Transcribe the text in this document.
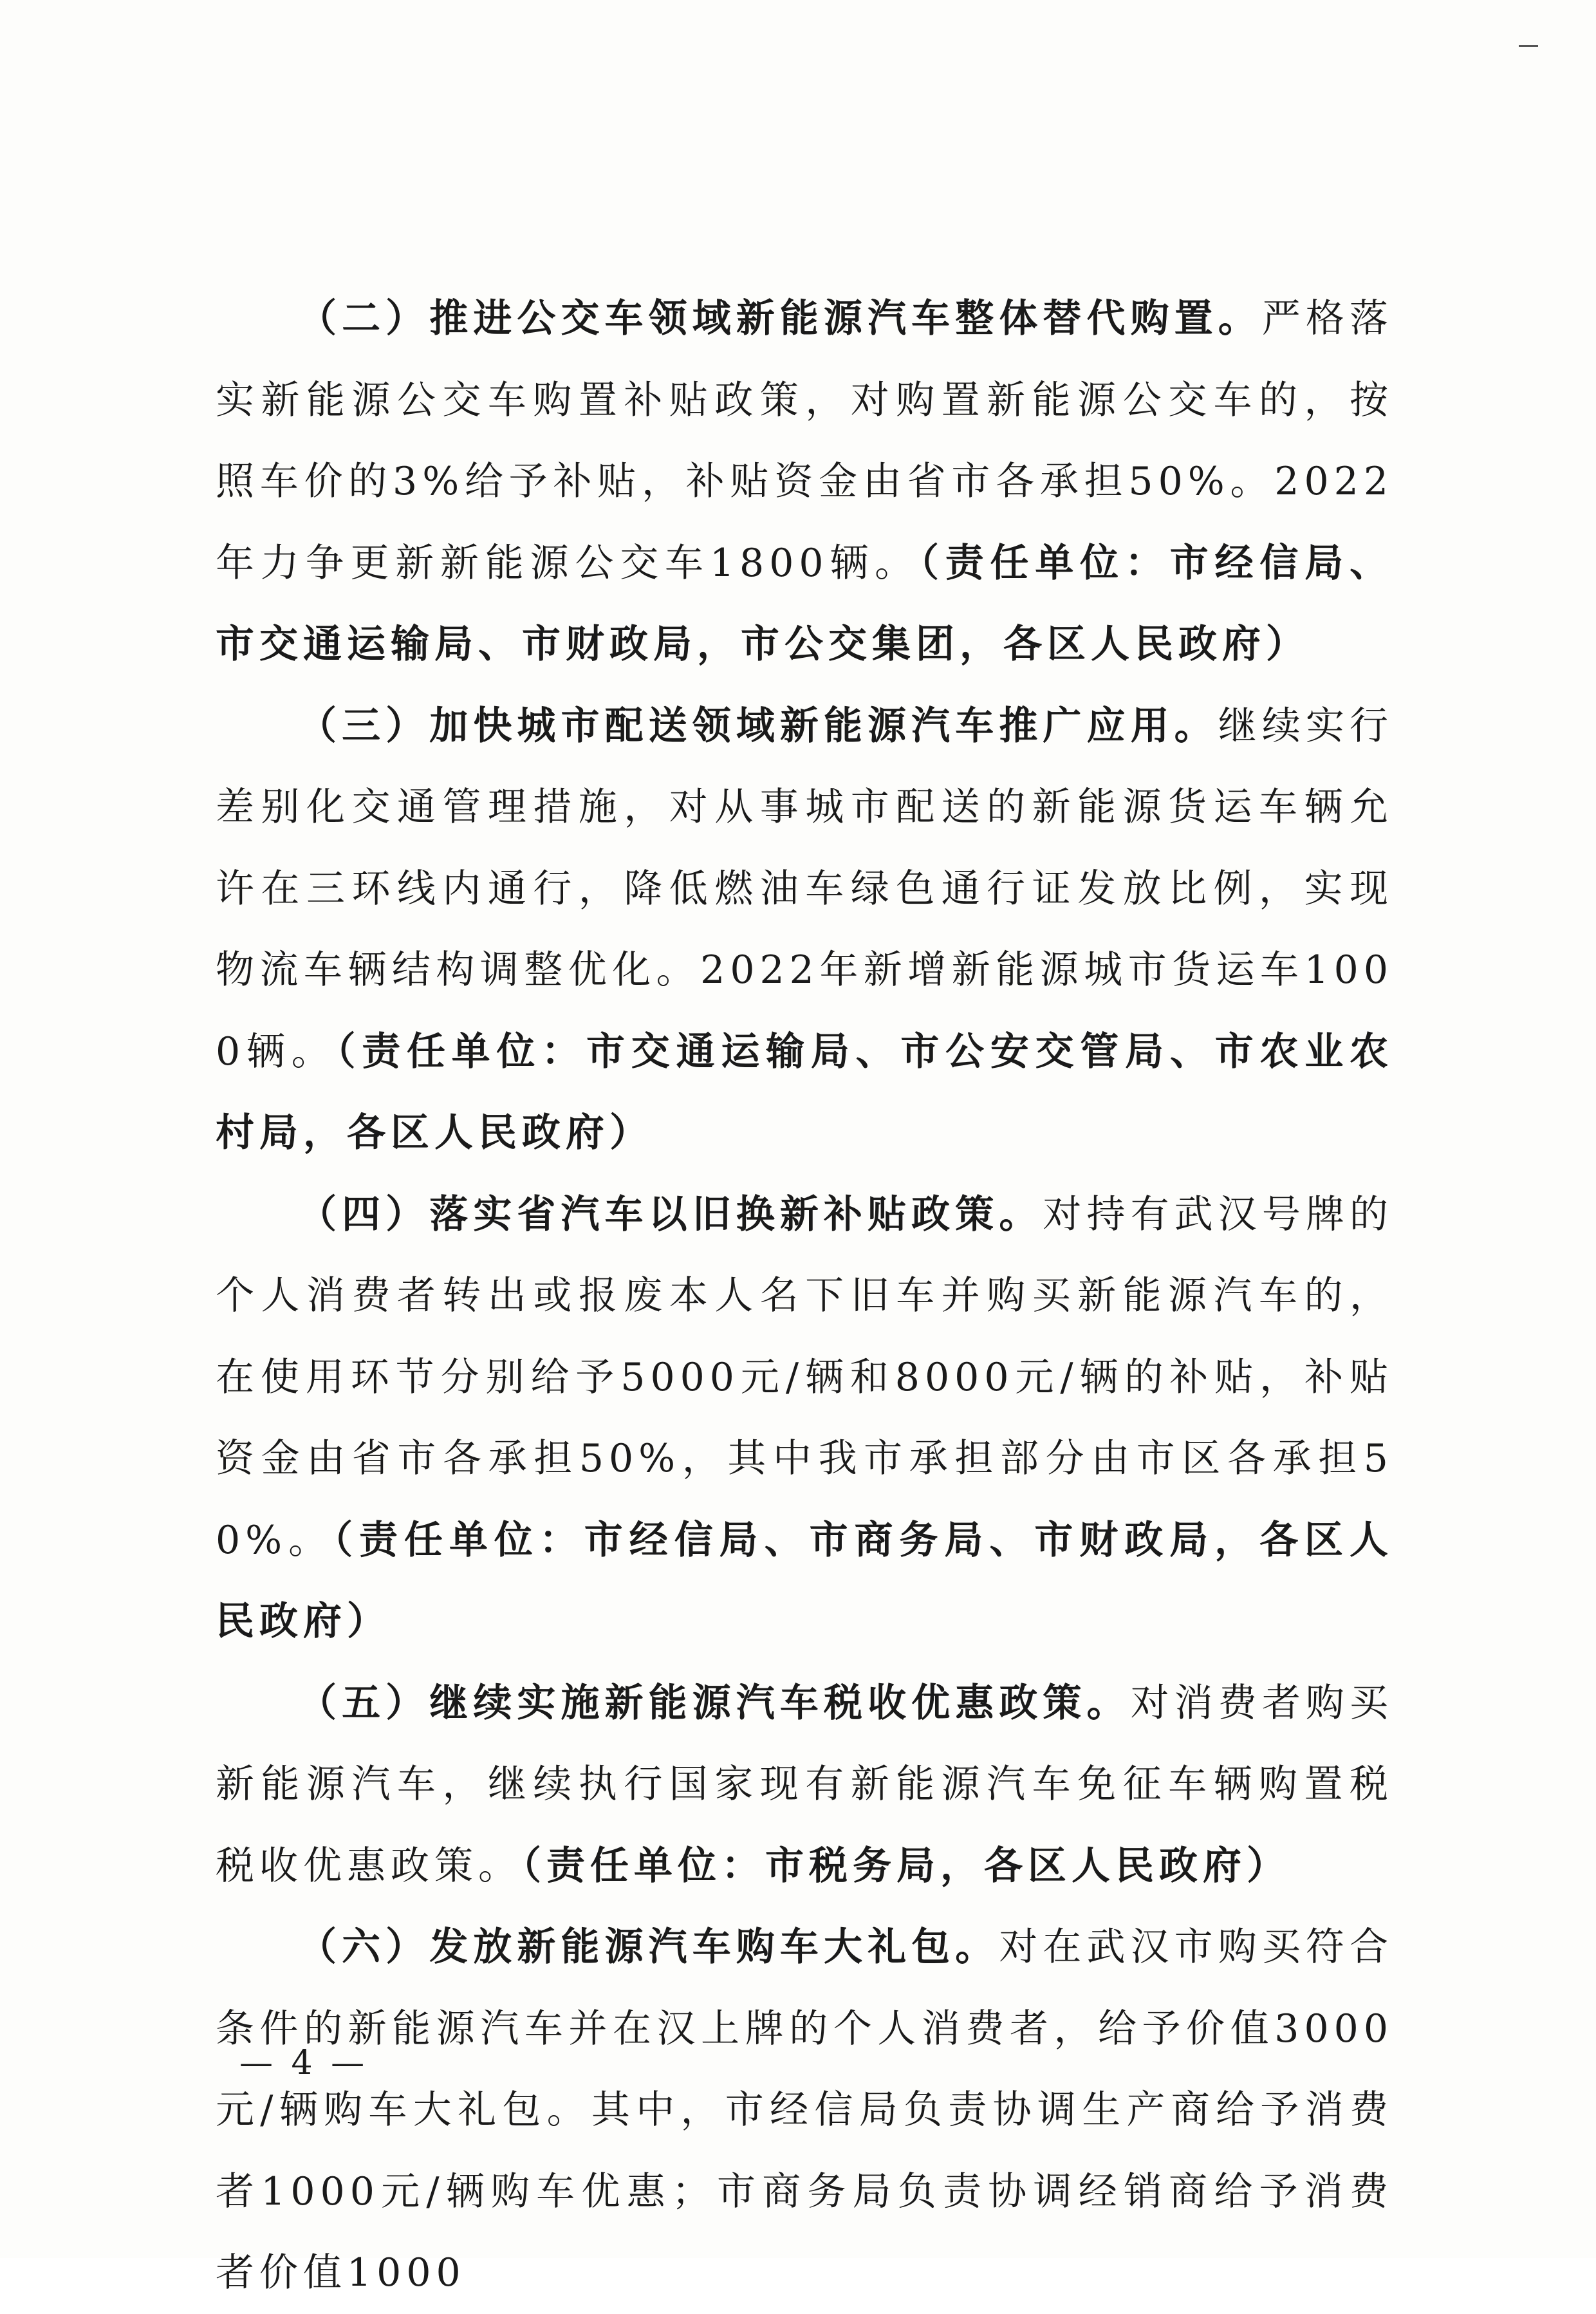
（二）推进公交车领域新能源汽车整体替代购置。严格落实新能源公交车购置补贴政策，对购置新能源公交车的，按照车价的3%给予补贴，补贴资金由省市各承担50%。2022年力争更新新能源公交车1800辆。（责任单位：市经信局、市交通运输局、市财政局，市公交集团，各区人民政府）

（三）加快城市配送领域新能源汽车推广应用。继续实行差别化交通管理措施，对从事城市配送的新能源货运车辆允许在三环线内通行，降低燃油车绿色通行证发放比例，实现物流车辆结构调整优化。2022年新增新能源城市货运车1000辆。（责任单位：市交通运输局、市公安交管局、市农业农村局，各区人民政府）

（四）落实省汽车以旧换新补贴政策。对持有武汉号牌的个人消费者转出或报废本人名下旧车并购买新能源汽车的，在使用环节分别给予5000元/辆和8000元/辆的补贴，补贴资金由省市各承担50%，其中我市承担部分由市区各承担50%。（责任单位：市经信局、市商务局、市财政局，各区人民政府）

（五）继续实施新能源汽车税收优惠政策。对消费者购买新能源汽车，继续执行国家现有新能源汽车免征车辆购置税税收优惠政策。（责任单位：市税务局，各区人民政府）

（六）发放新能源汽车购车大礼包。对在武汉市购买符合条件的新能源汽车并在汉上牌的个人消费者，给予价值3000元/辆购车大礼包。其中，市经信局负责协调生产商给予消费者1000元/辆购车优惠；市商务局负责协调经销商给予消费者价值1000

— 4 —
